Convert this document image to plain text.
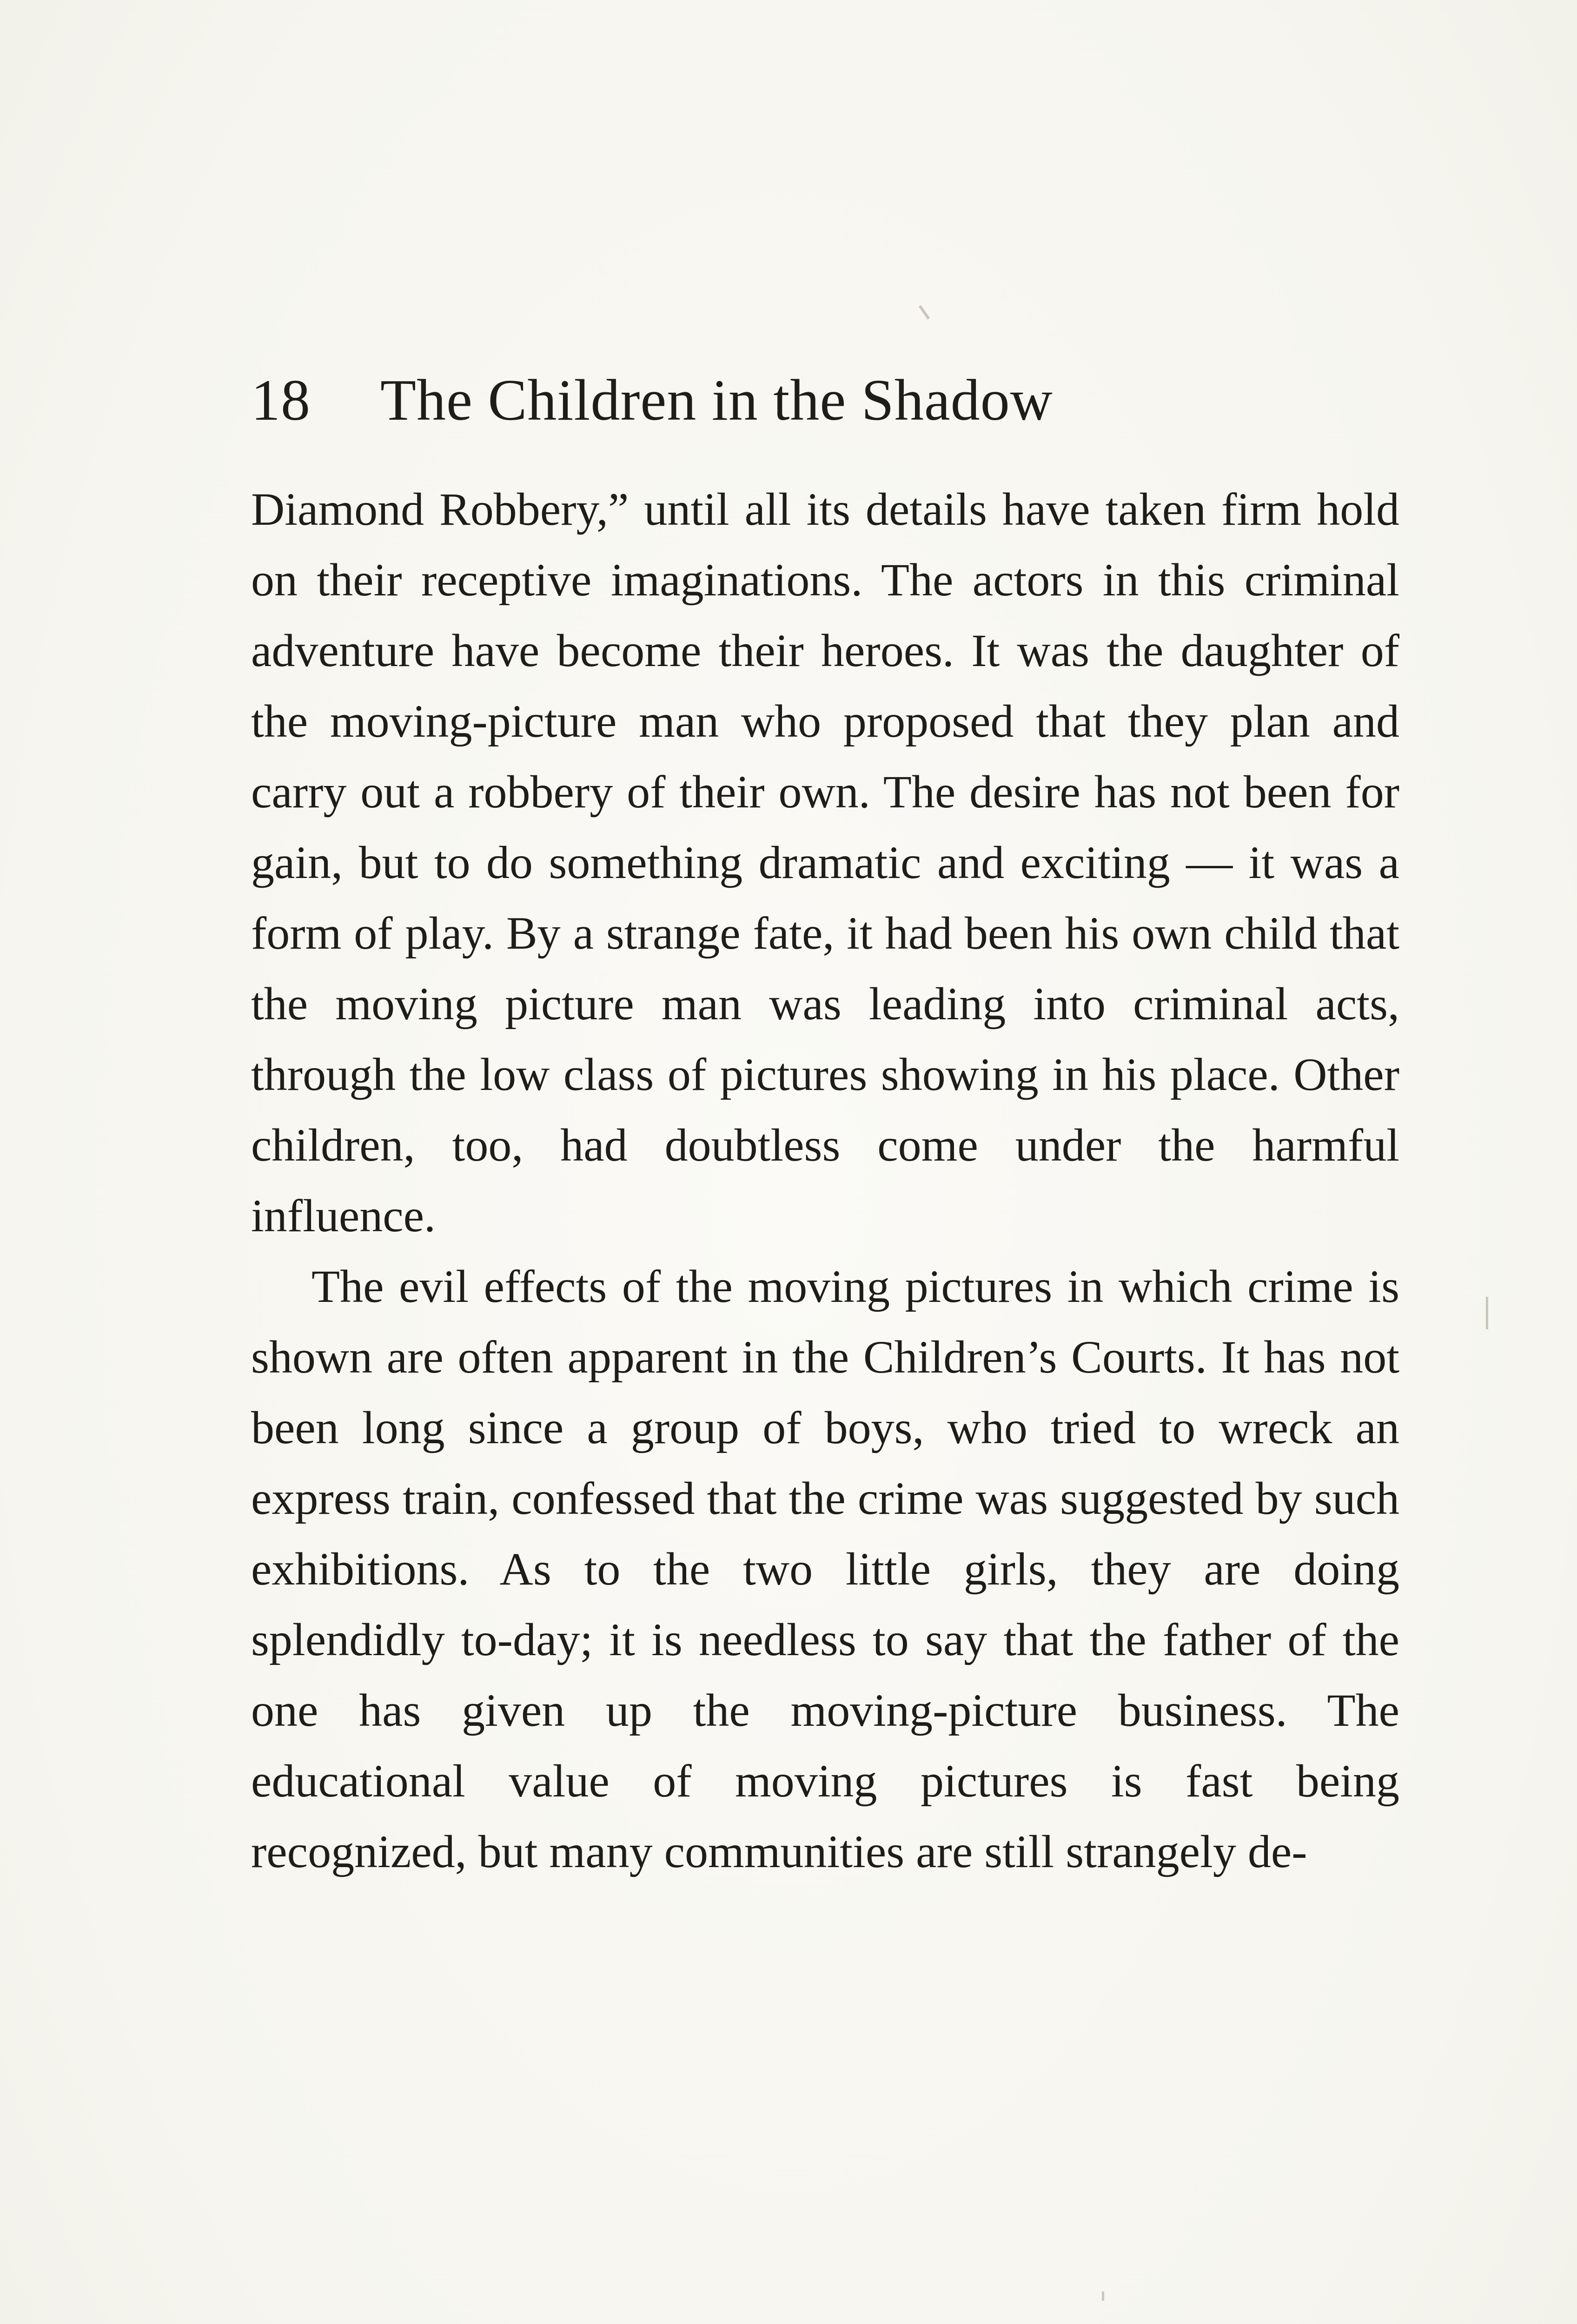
18 The Children in the Shadow

Diamond Robbery,” until all its details have taken firm hold on their receptive imaginations. The actors in this criminal adventure have become their heroes. It was the daughter of the moving-picture man who proposed that they plan and carry out a robbery of their own. The desire has not been for gain, but to do something dramatic and exciting — it was a form of play. By a strange fate, it had been his own child that the moving picture man was leading into criminal acts, through the low class of pictures showing in his place. Other children, too, had doubtless come under the harmful influence.

The evil effects of the moving pictures in which crime is shown are often apparent in the Children’s Courts. It has not been long since a group of boys, who tried to wreck an express train, confessed that the crime was suggested by such exhibitions. As to the two little girls, they are doing splendidly to-day; it is needless to say that the father of the one has given up the moving-picture business. The educational value of moving pictures is fast being recognized, but many communities are still strangely de-
